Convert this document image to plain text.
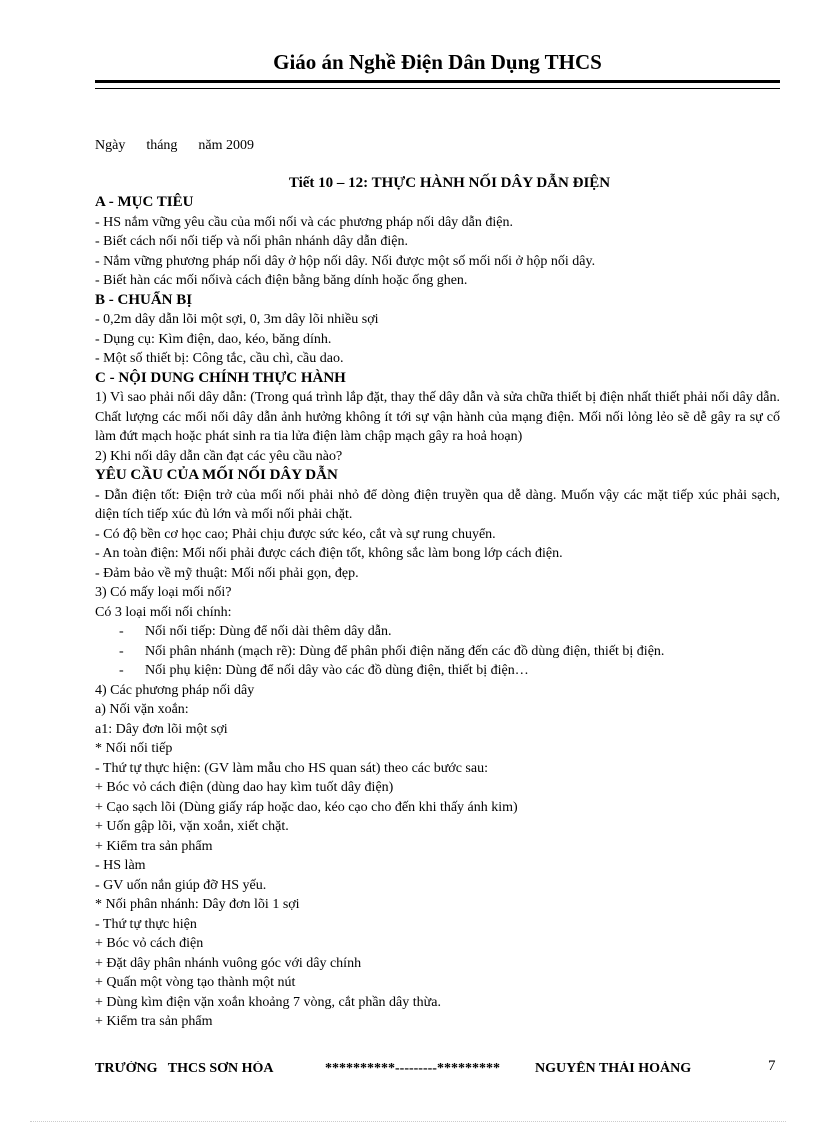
Giáo án Nghề Điện Dân Dụng THCS

Ngày      tháng      năm 2009

Tiết 10 – 12: THỰC HÀNH NỐI DÂY DẪN ĐIỆN

A - MỤC TIÊU

- HS nắm vững yêu cầu của mối nối và các phương pháp nối dây dẫn điện.

- Biết cách nối nối tiếp và nối phân nhánh dây dẫn điện.

- Nắm vững phương pháp nối dây ở hộp nối dây. Nối được một số mối nối ở hộp nối dây.

- Biết hàn các mối nốivà cách điện bằng băng dính hoặc ống ghen.

B - CHUẨN BỊ

- 0,2m dây dẫn lõi một sợi, 0, 3m dây lõi nhiều sợi

- Dụng cụ: Kìm điện, dao, kéo, băng dính.

- Một số thiết bị: Công tắc, cầu chì, cầu dao.

C - NỘI DUNG CHÍNH THỰC HÀNH

1) Vì sao phải nối dây dẫn: (Trong quá trình lắp đặt, thay thế dây dẫn và sửa chữa thiết bị điện nhất thiết phải nối dây dẫn. Chất lượng các mối nối dây dẫn ảnh hưởng không ít tới sự vận hành của mạng điện. Mối nối lỏng lẻo sẽ dễ gây ra sự cố làm đứt mạch hoặc phát sinh ra tia lửa điện làm chập mạch gây ra hoả hoạn)

2) Khi nối dây dẫn cần đạt các yêu cầu nào?

YÊU CẦU CỦA MỐI NỐI DÂY DẪN

- Dẫn điện tốt: Điện trở của mối nối phải nhỏ để dòng điện truyền qua dễ dàng. Muốn vậy các mặt tiếp xúc phải sạch, diện tích tiếp xúc đủ lớn và mối nối phải chặt.

- Có độ bền cơ học cao; Phải chịu được sức kéo, cắt và sự rung chuyển.

- An toàn điện: Mối nối phải được cách điện tốt, không sắc làm bong lớp cách điện.

- Đảm bảo về mỹ thuật: Mối nối phải gọn, đẹp.

3) Có mấy loại mối nối?

Có 3 loại mối nối chính:

- Nối nối tiếp: Dùng để nối dài thêm dây dẫn.
- Nối phân nhánh (mạch rẽ): Dùng để phân phối điện năng đến các đồ dùng điện, thiết bị điện.
- Nối phụ kiện: Dùng để nối dây vào các đồ dùng điện, thiết bị điện…

4) Các phương pháp nối dây

a) Nối vặn xoắn:

a1: Dây đơn lõi một sợi

* Nối nối tiếp

- Thứ tự thực hiện: (GV làm mẫu cho HS quan sát) theo các bước sau:

+ Bóc vỏ cách điện (dùng dao hay kìm tuốt dây điện)

+ Cạo sạch lõi (Dùng giấy ráp hoặc dao, kéo cạo cho đến khi thấy ánh kim)

+ Uốn gập lõi, vặn xoắn, xiết chặt.

+ Kiểm tra sản phẩm

- HS làm

- GV uốn nắn giúp đỡ HS yếu.

* Nối phân nhánh: Dây đơn lõi 1 sợi

- Thứ tự thực hiện

+ Bóc vỏ cách điện

+ Đặt dây phân nhánh vuông góc với dây chính

+ Quấn một vòng tạo thành một nút

+ Dùng kìm điện vặn xoắn khoảng 7 vòng, cắt phần dây thừa.

+ Kiểm tra sản phẩm

TRƯỜNG   THCS SƠN HÓA	**********---------*********	NGUYỄN THÁI HOÀNG	7
